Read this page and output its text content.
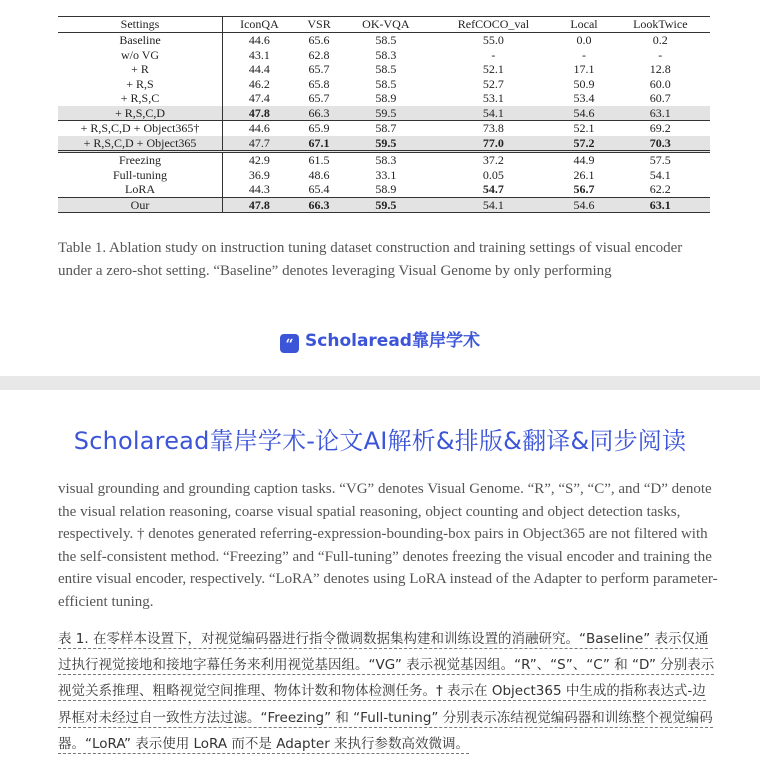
Settings	IconQA	VSR	OK-VQA	RefCOCO_val	Local	LookTwice
Baseline	44.6	65.6	58.5	55.0	0.0	0.2
w/o VG	43.1	62.8	58.3	-	-	-
+ R	44.4	65.7	58.5	52.1	17.1	12.8
+ R,S	46.2	65.8	58.5	52.7	50.9	60.0
+ R,S,C	47.4	65.7	58.9	53.1	53.4	60.7
+ R,S,C,D	47.8	66.3	59.5	54.1	54.6	63.1
+ R,S,C,D + Object365†	44.6	65.9	58.7	73.8	52.1	69.2
+ R,S,C,D + Object365	47.7	67.1	59.5	77.0	57.2	70.3
Freezing	42.9	61.5	58.3	37.2	44.9	57.5
Full-tuning	36.9	48.6	33.1	0.05	26.1	54.1
LoRA	44.3	65.4	58.9	54.7	56.7	62.2
Our	47.8	66.3	59.5	54.1	54.6	63.1
Table 1. Ablation study on instruction tuning dataset construction and training settings of visual encoder under a zero-shot setting. “Baseline” denotes leveraging Visual Genome by only performing
“ Scholaread靠岸学术
Scholaread靠岸学术-论文AI解析&排版&翻译&同步阅读
visual grounding and grounding caption tasks. “VG” denotes Visual Genome. “R”, “S”, “C”, and “D” denote the visual relation reasoning, coarse visual spatial reasoning, object counting and object detection tasks, respectively. † denotes generated referring-expression-bounding-box pairs in Object365 are not filtered with the self-consistent method. “Freezing” and “Full-tuning” denotes freezing the visual encoder and training the entire visual encoder, respectively. “LoRA” denotes using LoRA instead of the Adapter to perform parameter-efficient tuning.
表 1. 在零样本设置下，对视觉编码器进行指令微调数据集构建和训练设置的消融研究。“Baseline” 表示仅通过执行视觉接地和接地字幕任务来利用视觉基因组。“VG” 表示视觉基因组。“R”、“S”、“C” 和 “D” 分别表示视觉关系推理、粗略视觉空间推理、物体计数和物体检测任务。† 表示在 Object365 中生成的指称表达式-边界框对未经过自一致性方法过滤。“Freezing” 和 “Full-tuning” 分别表示冻结视觉编码器和训练整个视觉编码器。“LoRA” 表示使用 LoRA 而不是 Adapter 来执行参数高效微调。
